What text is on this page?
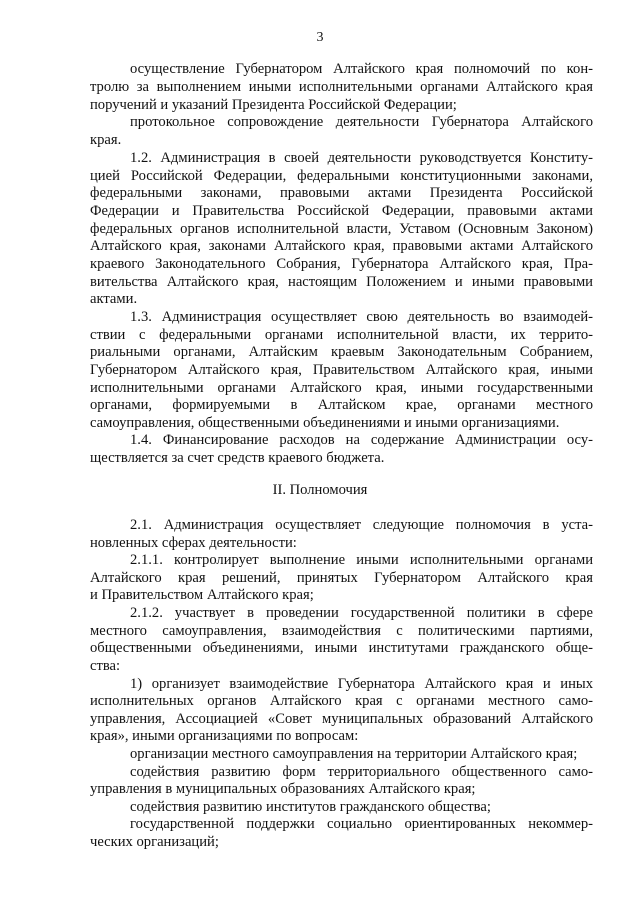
3
осуществление Губернатором Алтайского края полномочий по кон-
тролю за выполнением иными исполнительными органами Алтайского края
поручений и указаний Президента Российской Федерации;
протокольное сопровождение деятельности Губернатора Алтайского
края.
1.2. Администрация в своей деятельности руководствуется Конститу-
цией Российской Федерации, федеральными конституционными законами,
федеральными законами, правовыми актами Президента Российской
Федерации и Правительства Российской Федерации, правовыми актами
федеральных органов исполнительной власти, Уставом (Основным Законом)
Алтайского края, законами Алтайского края, правовыми актами Алтайского
краевого Законодательного Собрания, Губернатора Алтайского края, Пра-
вительства Алтайского края, настоящим Положением и иными правовыми
актами.
1.3. Администрация осуществляет свою деятельность во взаимодей-
ствии с федеральными органами исполнительной власти, их террито-
риальными органами, Алтайским краевым Законодательным Собранием,
Губернатором Алтайского края, Правительством Алтайского края, иными
исполнительными органами Алтайского края, иными государственными
органами, формируемыми в Алтайском крае, органами местного
самоуправления, общественными объединениями и иными организациями.
1.4. Финансирование расходов на содержание Администрации осу-
ществляется за счет средств краевого бюджета.
II. Полномочия
2.1. Администрация осуществляет следующие полномочия в уста-
новленных сферах деятельности:
2.1.1. контролирует выполнение иными исполнительными органами
Алтайского края решений, принятых Губернатором Алтайского края
и Правительством Алтайского края;
2.1.2. участвует в проведении государственной политики в сфере
местного самоуправления, взаимодействия с политическими партиями,
общественными объединениями, иными институтами гражданского обще-
ства:
1) организует взаимодействие Губернатора Алтайского края и иных
исполнительных органов Алтайского края с органами местного само-
управления, Ассоциацией «Совет муниципальных образований Алтайского
края», иными организациями по вопросам:
организации местного самоуправления на территории Алтайского края;
содействия развитию форм территориального общественного само-
управления в муниципальных образованиях Алтайского края;
содействия развитию институтов гражданского общества;
государственной поддержки социально ориентированных некоммер-
ческих организаций;
